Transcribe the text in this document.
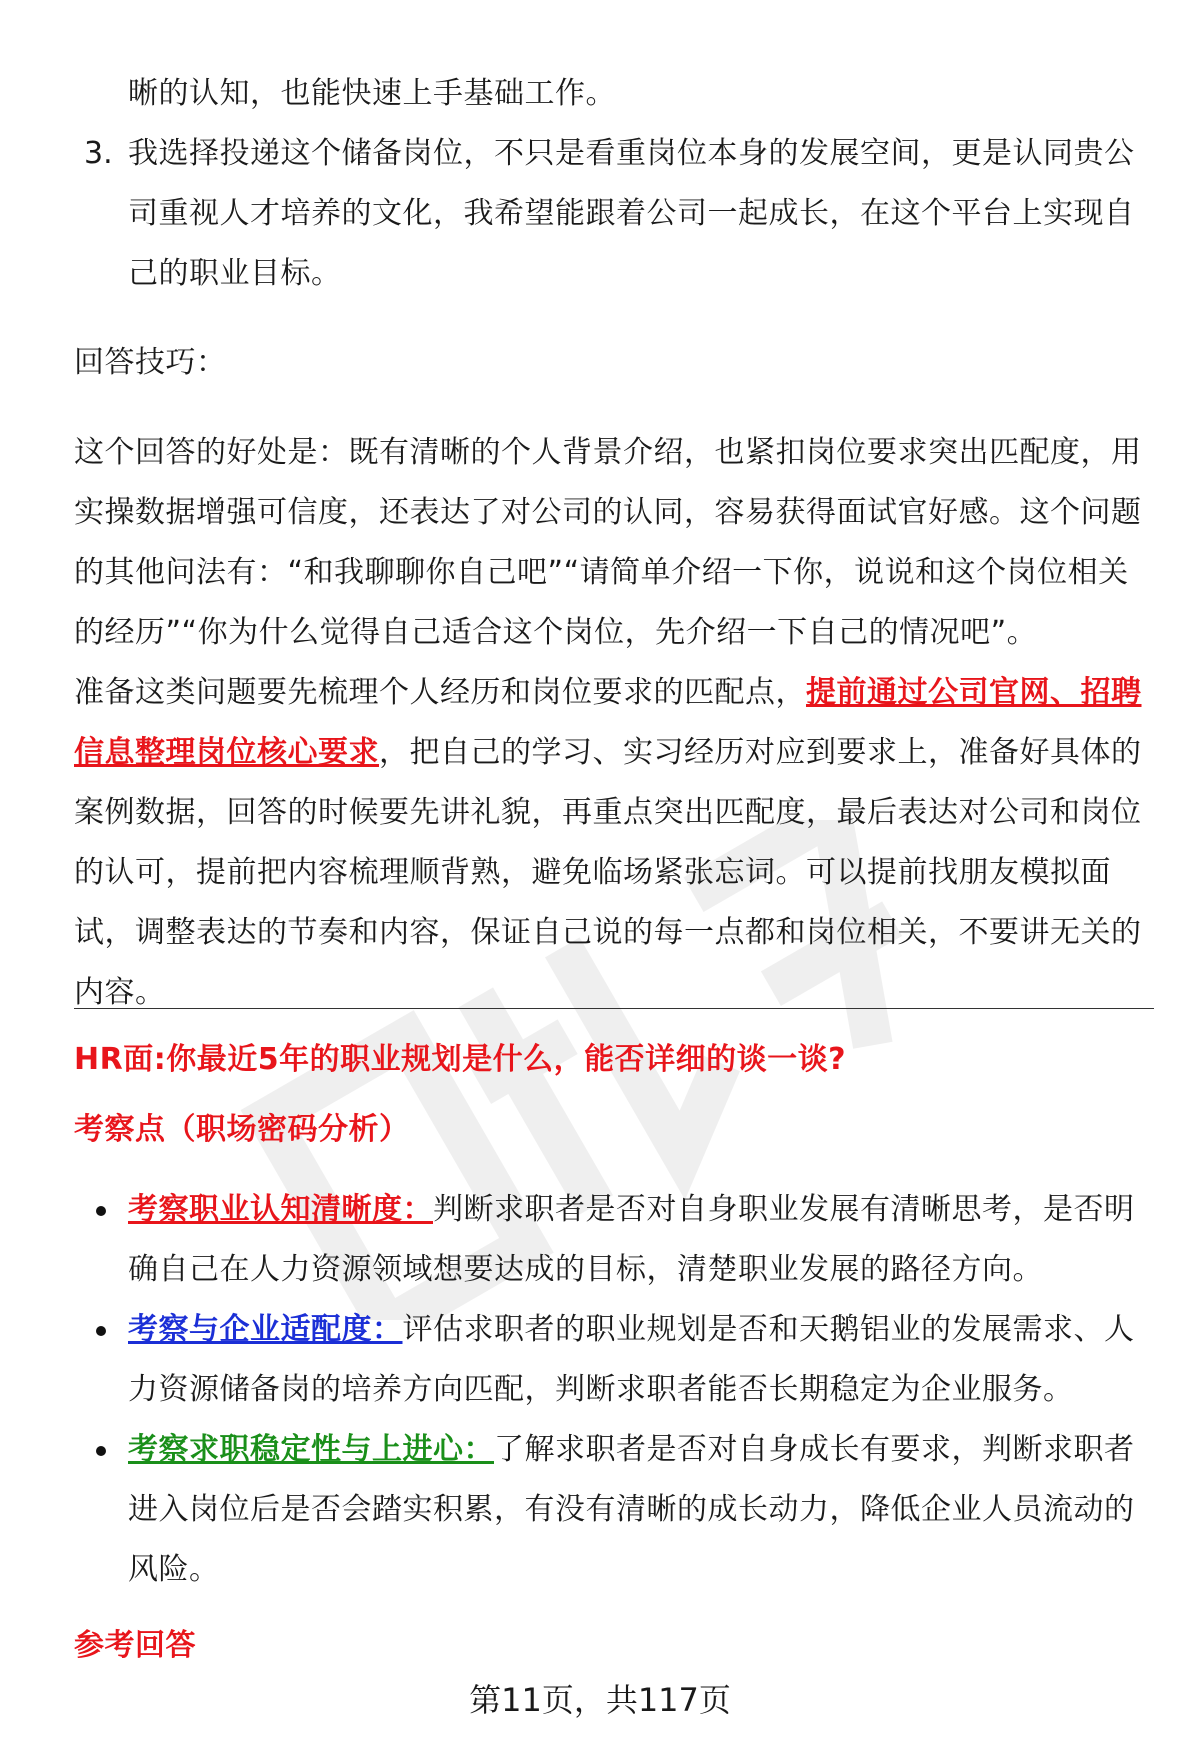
晰的认知，也能快速上手基础工作。
3. 我选择投递这个储备岗位，不只是看重岗位本身的发展空间，更是认同贵公司重视人才培养的文化，我希望能跟着公司一起成长，在这个平台上实现自己的职业目标。
回答技巧：
这个回答的好处是：既有清晰的个人背景介绍，也紧扣岗位要求突出匹配度，用实操数据增强可信度，还表达了对公司的认同，容易获得面试官好感。这个问题的其他问法有：“和我聊聊你自己吧”“请简单介绍一下你，说说和这个岗位相关的经历”“你为什么觉得自己适合这个岗位，先介绍一下自己的情况吧”。
准备这类问题要先梳理个人经历和岗位要求的匹配点，提前通过公司官网、招聘信息整理岗位核心要求，把自己的学习、实习经历对应到要求上，准备好具体的案例数据，回答的时候要先讲礼貌，再重点突出匹配度，最后表达对公司和岗位的认可，提前把内容梳理顺背熟，避免临场紧张忘词。可以提前找朋友模拟面试，调整表达的节奏和内容，保证自己说的每一点都和岗位相关，不要讲无关的内容。
HR面:你最近5年的职业规划是什么，能否详细的谈一谈?
考察点（职场密码分析）
考察职业认知清晰度：判断求职者是否对自身职业发展有清晰思考，是否明确自己在人力资源领域想要达成的目标，清楚职业发展的路径方向。
考察与企业适配度：评估求职者的职业规划是否和天鹅铝业的发展需求、人力资源储备岗的培养方向匹配，判断求职者能否长期稳定为企业服务。
考察求职稳定性与上进心：了解求职者是否对自身成长有要求，判断求职者进入岗位后是否会踏实积累，有没有清晰的成长动力，降低企业人员流动的风险。
参考回答
第11页，共117页
